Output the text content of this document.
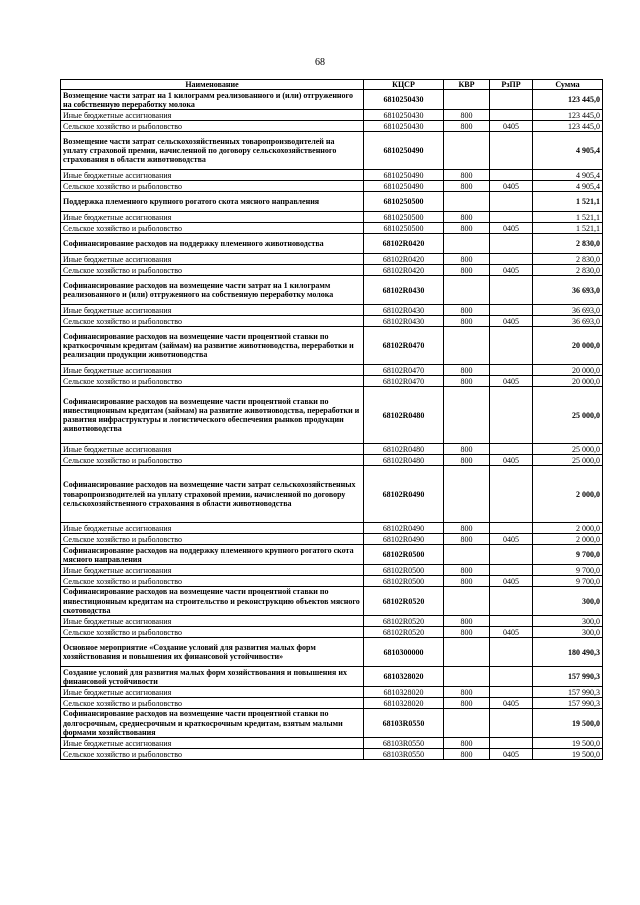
68
Наименование	КЦСР	КВР	РзПР	Сумма
Возмещение части затрат на 1 килограмм реализованного и (или) отгруженного на собственную переработку молока	6810250430			123 445,0
Иные бюджетные ассигнования	6810250430	800		123 445,0
Сельское хозяйство и рыболовство	6810250430	800	0405	123 445,0
Возмещение части затрат сельскохозяйственных товаропроизводителей на уплату страховой премии, начисленной по договору сельскохозяйственного страхования в области животноводства	6810250490			4 905,4
Иные бюджетные ассигнования	6810250490	800		4 905,4
Сельское хозяйство и рыболовство	6810250490	800	0405	4 905,4
Поддержка племенного крупного рогатого скота мясного направления	6810250500			1 521,1
Иные бюджетные ассигнования	6810250500	800		1 521,1
Сельское хозяйство и рыболовство	6810250500	800	0405	1 521,1
Софинансирование расходов на поддержку племенного животноводства	68102R0420			2 830,0
Иные бюджетные ассигнования	68102R0420	800		2 830,0
Сельское хозяйство и рыболовство	68102R0420	800	0405	2 830,0
Софинансирование расходов на возмещение части затрат на 1 килограмм реализованного и (или) отгруженного на собственную переработку молока	68102R0430			36 693,0
Иные бюджетные ассигнования	68102R0430	800		36 693,0
Сельское хозяйство и рыболовство	68102R0430	800	0405	36 693,0
Софинансирование расходов на возмещение части процентной ставки по краткосрочным кредитам (займам) на развитие животноводства, переработки и реализации продукции животноводства	68102R0470			20 000,0
Иные бюджетные ассигнования	68102R0470	800		20 000,0
Сельское хозяйство и рыболовство	68102R0470	800	0405	20 000,0
Софинансирование расходов на возмещение части процентной ставки по инвестиционным кредитам (займам) на развитие животноводства, переработки и развития инфраструктуры и логистического обеспечения рынков продукции животноводства	68102R0480			25 000,0
Иные бюджетные ассигнования	68102R0480	800		25 000,0
Сельское хозяйство и рыболовство	68102R0480	800	0405	25 000,0
Софинансирование расходов на возмещение части затрат сельскохозяйственных товаропроизводителей на уплату страховой премии, начисленной по договору сельскохозяйственного страхования в области животноводства	68102R0490			2 000,0
Иные бюджетные ассигнования	68102R0490	800		2 000,0
Сельское хозяйство и рыболовство	68102R0490	800	0405	2 000,0
Софинансирование расходов на поддержку племенного крупного рогатого скота мясного направления	68102R0500			9 700,0
Иные бюджетные ассигнования	68102R0500	800		9 700,0
Сельское хозяйство и рыболовство	68102R0500	800	0405	9 700,0
Софинансирование расходов на возмещение части процентной ставки по инвестиционным кредитам на строительство и реконструкцию объектов мясного скотоводства	68102R0520			300,0
Иные бюджетные ассигнования	68102R0520	800		300,0
Сельское хозяйство и рыболовство	68102R0520	800	0405	300,0
Основное мероприятие «Создание условий для развития малых форм хозяйствования и повышения их финансовой устойчивости»	6810300000			180 490,3
Создание условий для развития малых форм хозяйствования и повышения их финансовой устойчивости	6810328020			157 990,3
Иные бюджетные ассигнования	6810328020	800		157 990,3
Сельское хозяйство и рыболовство	6810328020	800	0405	157 990,3
Софинансирование расходов на возмещение части процентной ставки по долгосрочным, среднесрочным и краткосрочным кредитам, взятым малыми формами хозяйствования	68103R0550			19 500,0
Иные бюджетные ассигнования	68103R0550	800		19 500,0
Сельское хозяйство и рыболовство	68103R0550	800	0405	19 500,0
